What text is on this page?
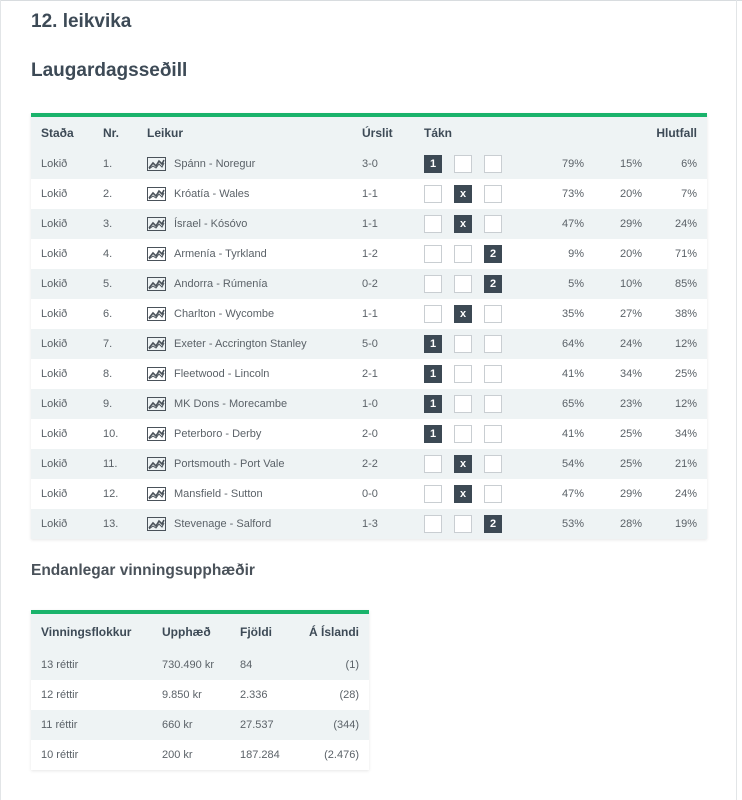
12. leikvika
Laugardagsseðill
Staða	Nr.	Leikur	Úrslit	Tákn			Hlutfall
Lokið	1.	Spánn - Noregur	3-0	1	79%	15%	6%
Lokið	2.	Króatía - Wales	1-1	x	73%	20%	7%
Lokið	3.	Ísrael - Kósóvo	1-1	x	47%	29%	24%
Lokið	4.	Armenía - Tyrkland	1-2	2	9%	20%	71%
Lokið	5.	Andorra - Rúmenía	0-2	2	5%	10%	85%
Lokið	6.	Charlton - Wycombe	1-1	x	35%	27%	38%
Lokið	7.	Exeter - Accrington Stanley	5-0	1	64%	24%	12%
Lokið	8.	Fleetwood - Lincoln	2-1	1	41%	34%	25%
Lokið	9.	MK Dons - Morecambe	1-0	1	65%	23%	12%
Lokið	10.	Peterboro - Derby	2-0	1	41%	25%	34%
Lokið	11.	Portsmouth - Port Vale	2-2	x	54%	25%	21%
Lokið	12.	Mansfield - Sutton	0-0	x	47%	29%	24%
Lokið	13.	Stevenage - Salford	1-3	2	53%	28%	19%
Endanlegar vinningsupphæðir
Vinningsflokkur	Upphæð	Fjöldi	Á Íslandi
13 réttir	730.490 kr	84	(1)
12 réttir	9.850 kr	2.336	(28)
11 réttir	660 kr	27.537	(344)
10 réttir	200 kr	187.284	(2.476)
